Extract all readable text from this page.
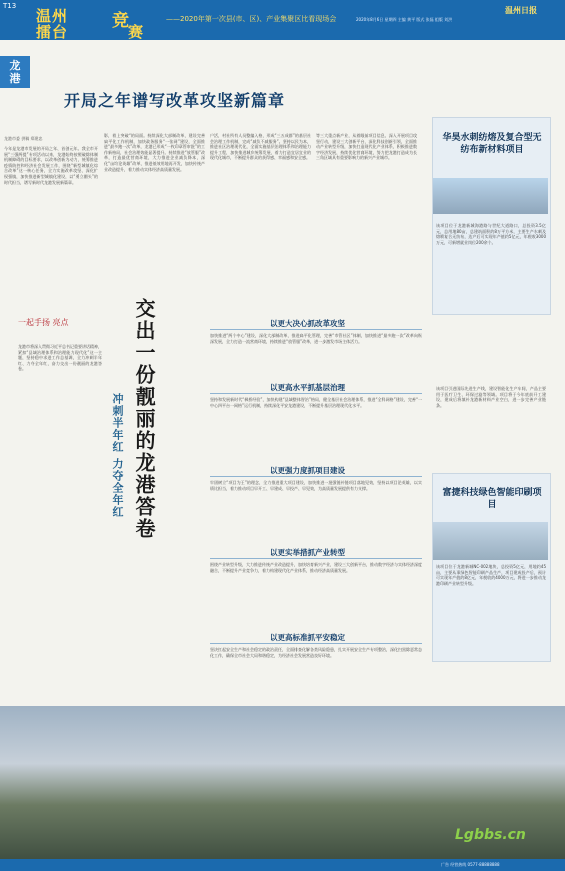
T13
温州
擂台
竞
赛
——2020年第一次县(市、区)、产业集聚区比看现场会	2020年8月6日 星期四 主编 黄平 版式 张磊 组版 刘洪
温州日报
龙港
开局之年谱写改革攻坚新篇章
龙港市委 供稿 郑建忠
今年是龙港市发展的开局之年、首创元年。我全市开展“三强两提”专项活动以来，龙港始终按照破除体制机制障碍的目标要求，以改革创新为动力，统筹推进疫情防控和经济社会发展工作，围绕“新型城镇化综合改革”这一核心任务，全力实施改革攻坚、深化扩权强镇，加快推进新型城镇化建设，以“勇立潮头”的时代担当，谱写新时代龙港发展新篇章。
一起手扬 亮点
影，着上突破“的局面。持续深化大部制改革，建设完善扁平化工作机制，加快政务服务“一张网”建设，全面推进“最多跑一次”改革，龙港已形成“一枚印章管审批”的工作新格局，社会治理效能显著提升。持续推进“放管服”改革，打造最优营商环境，大力推进企业减负降本，深化“亩均论英雄”改革，推进低效用地再开发，加快传统产业改造提升，着力推动实体经济高质量发展。
户活，村社所有人员整编入格，形成“三五成群”的基层社会治理工作机制，完成“减负不减服务”。坚持以民为本，推进社区治理现代化，全面实施基层治理体系和治理能力提升工程，加快推进城乡统筹发展，着力打造宜居宜业的现代化城市，不断提升群众的获得感、幸福感和安全感。
等三大重点新产业，从着眼前项目信息、深入开展项目攻坚行动，建设三大创新平台，深化科技创新引领，全面推动产业转型升级，加快打造现代化产业体系，积极推进数字经济发展，持续优化营商环境，努力把龙港打造成为长三角区域具有重要影响力的新兴产业城市。
华昊水刺纺熔及复合型无纺布新材料项目
该项目位于龙港新城海港路与世纪大道路口，总投资3.5亿元，总用地80亩，总建筑面积约8万平方米，主要生产水刺及熔喷复合无纺布，达产后可实现年产值约5亿元，年税收3000万元，可新增就业岗位200余个。
该项目引进国际先进生产线，建设智能化生产车间，产品主要用于医疗卫生、环保过滤等领域。项目将于今年底前开工建设，建成后将填补龙港新材料产业空白，进一步完善产业链条。
富捷科技绿色智能印刷项目
该项目位于龙港新城NC-002地块，总投资5亿元，用地约45亩，主要从事绿色智能印刷产品生产，项目建成投产后，预计可实现年产值约8亿元，年税收约4000万元，将进一步推动龙港印刷产业转型升级。
交出一份靓丽的龙港答卷
冲刺半年红 力夺全年红
龙港市将深入贯彻习近平总书记重要讲话精神，紧扣“县域治理体系和治理能力现代化”这一主题，坚持稳中求进工作总基调，全力冲刺半年红、力夺全年红，奋力交出一份靓丽的龙港答卷。
以更大决心抓改革攻坚
加快推进“两个中心”建设，深化大部制改革，推进扁平化管理，完善“市管社区”体制，加快推进“最多跑一次”改革向纵深发展，全力打造一流营商环境，持续推进“放管服”改革，进一步激发市场主体活力。
以更高水平抓基层治理
坚持和发展新时代“枫桥经验”，加快构建“县域整体智治”格局，健全基层社会治理体系，推进“全科网格”建设，完善“一中心四平台一网格”运行机制，持续深化平安龙港建设，不断提升基层治理现代化水平。
以更强力度抓项目建设
牢固树立“项目为王”的理念，全力推进重大项目建设，加快推进一批强链补链项目落地见效，坚持以项目论英雄，以实绩比担当，着力推动项目早开工、早建成、早投产、早见效，为高质量发展提供有力支撑。
以更实举措抓产业转型
围绕产业转型升级，大力推进传统产业改造提升，加快培育新兴产业，建设三大创新平台，推动数字经济与实体经济深度融合，不断提升产业竞争力，着力构建现代化产业体系，推动经济高质量发展。
以更高标准抓平安稳定
坚决扛起安全生产和社会稳定的政治责任，全面排查化解各类风险隐患，扎实开展安全生产专项整治，深化扫黑除恶常态化工作，确保全市社会大局和谐稳定，为经济社会发展营造良好环境。
Lgbbs.cn
广告 经营热线 0577-88888888
